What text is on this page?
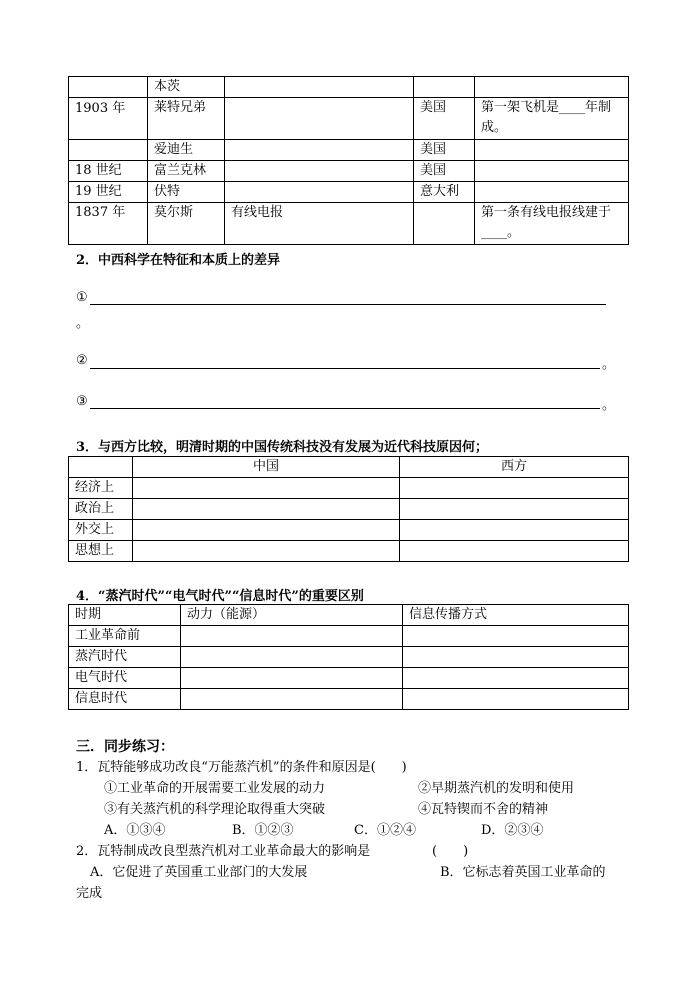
	本茨			
1903 年	莱特兄弟		美国	第一架飞机是____年制成。
	爱迪生		美国	
18 世纪	富兰克林		美国	
19 世纪	伏特		意大利	
1837 年	莫尔斯	有线电报		第一条有线电报线建于____。
2．中西科学在特征和本质上的差异
①
。
②	。
③	。
3．与西方比较，明清时期的中国传统科技没有发展为近代科技原因何；
	中国	西方
经济上		
政治上		
外交上		
思想上		
4．“蒸汽时代”“电气时代”“信息时代”的重要区别
时期	动力（能源）	信息传播方式
工业革命前		
蒸汽时代		
电气时代		
信息时代		
三．同步练习：
1．瓦特能够成功改良“万能蒸汽机”的条件和原因是(　　)
①工业革命的开展需要工业发展的动力	②早期蒸汽机的发明和使用
③有关蒸汽机的科学理论取得重大突破	④瓦特锲而不舍的精神
A．①③④	B．①②③	C．①②④	D．②③④
2．瓦特制成改良型蒸汽机对工业革命最大的影响是	(　　)
A．它促进了英国重工业部门的大发展	B．它标志着英国工业革命的
完成
